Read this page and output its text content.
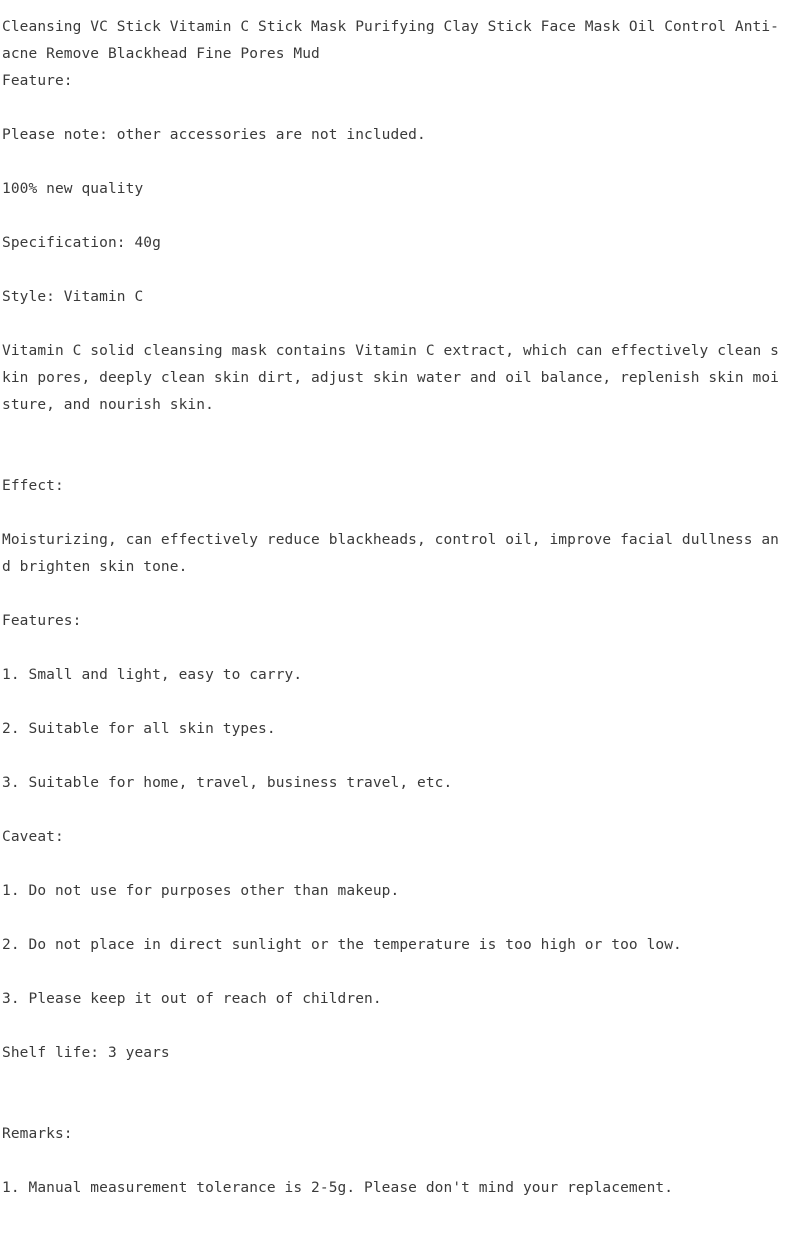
Cleansing VC Stick Vitamin C Stick Mask Purifying Clay Stick Face Mask Oil Control Anti-
acne Remove Blackhead Fine Pores Mud
Feature:

Please note: other accessories are not included.

100% new quality

Specification: 40g

Style: Vitamin C

Vitamin C solid cleansing mask contains Vitamin C extract, which can effectively clean s
kin pores, deeply clean skin dirt, adjust skin water and oil balance, replenish skin moi
sture, and nourish skin.

Effect:

Moisturizing, can effectively reduce blackheads, control oil, improve facial dullness an
d brighten skin tone.

Features:

1. Small and light, easy to carry.

2. Suitable for all skin types.

3. Suitable for home, travel, business travel, etc.

Caveat:

1. Do not use for purposes other than makeup.

2. Do not place in direct sunlight or the temperature is too high or too low.

3. Please keep it out of reach of children.

Shelf life: 3 years

Remarks:

1. Manual measurement tolerance is 2-5g. Please don't mind your replacement.
